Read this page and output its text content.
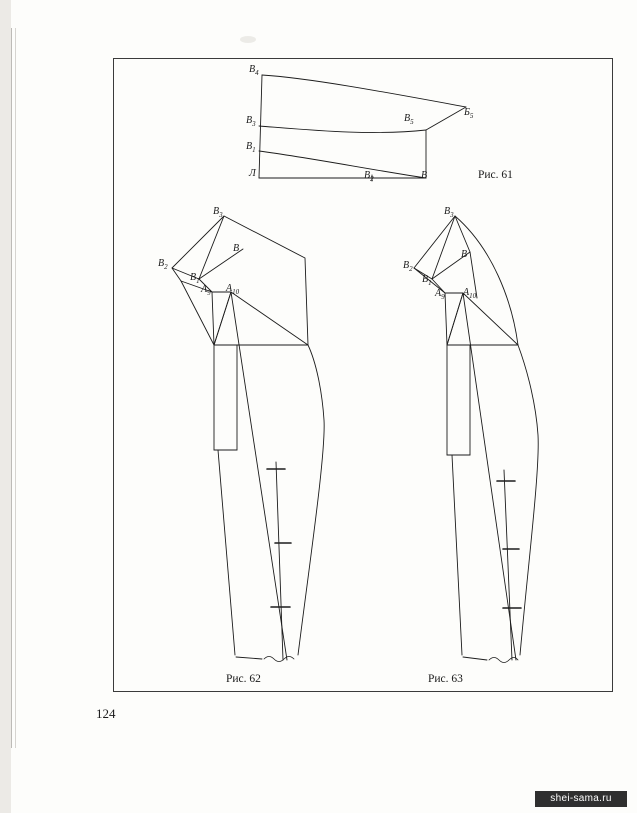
$В_4$
$В_3$
$В_1$
Л	$В_2$	В
$В_5$
$Б_5$
$В_3$
В
$В_2$
$В_1$
$А_9$ $А_{10}$
$В_3$
В
$В_2$
$В_1$
$А_9$ $А_{10}$
Рис. 61
Рис. 62	Рис. 63
124
shei-sama.ru
